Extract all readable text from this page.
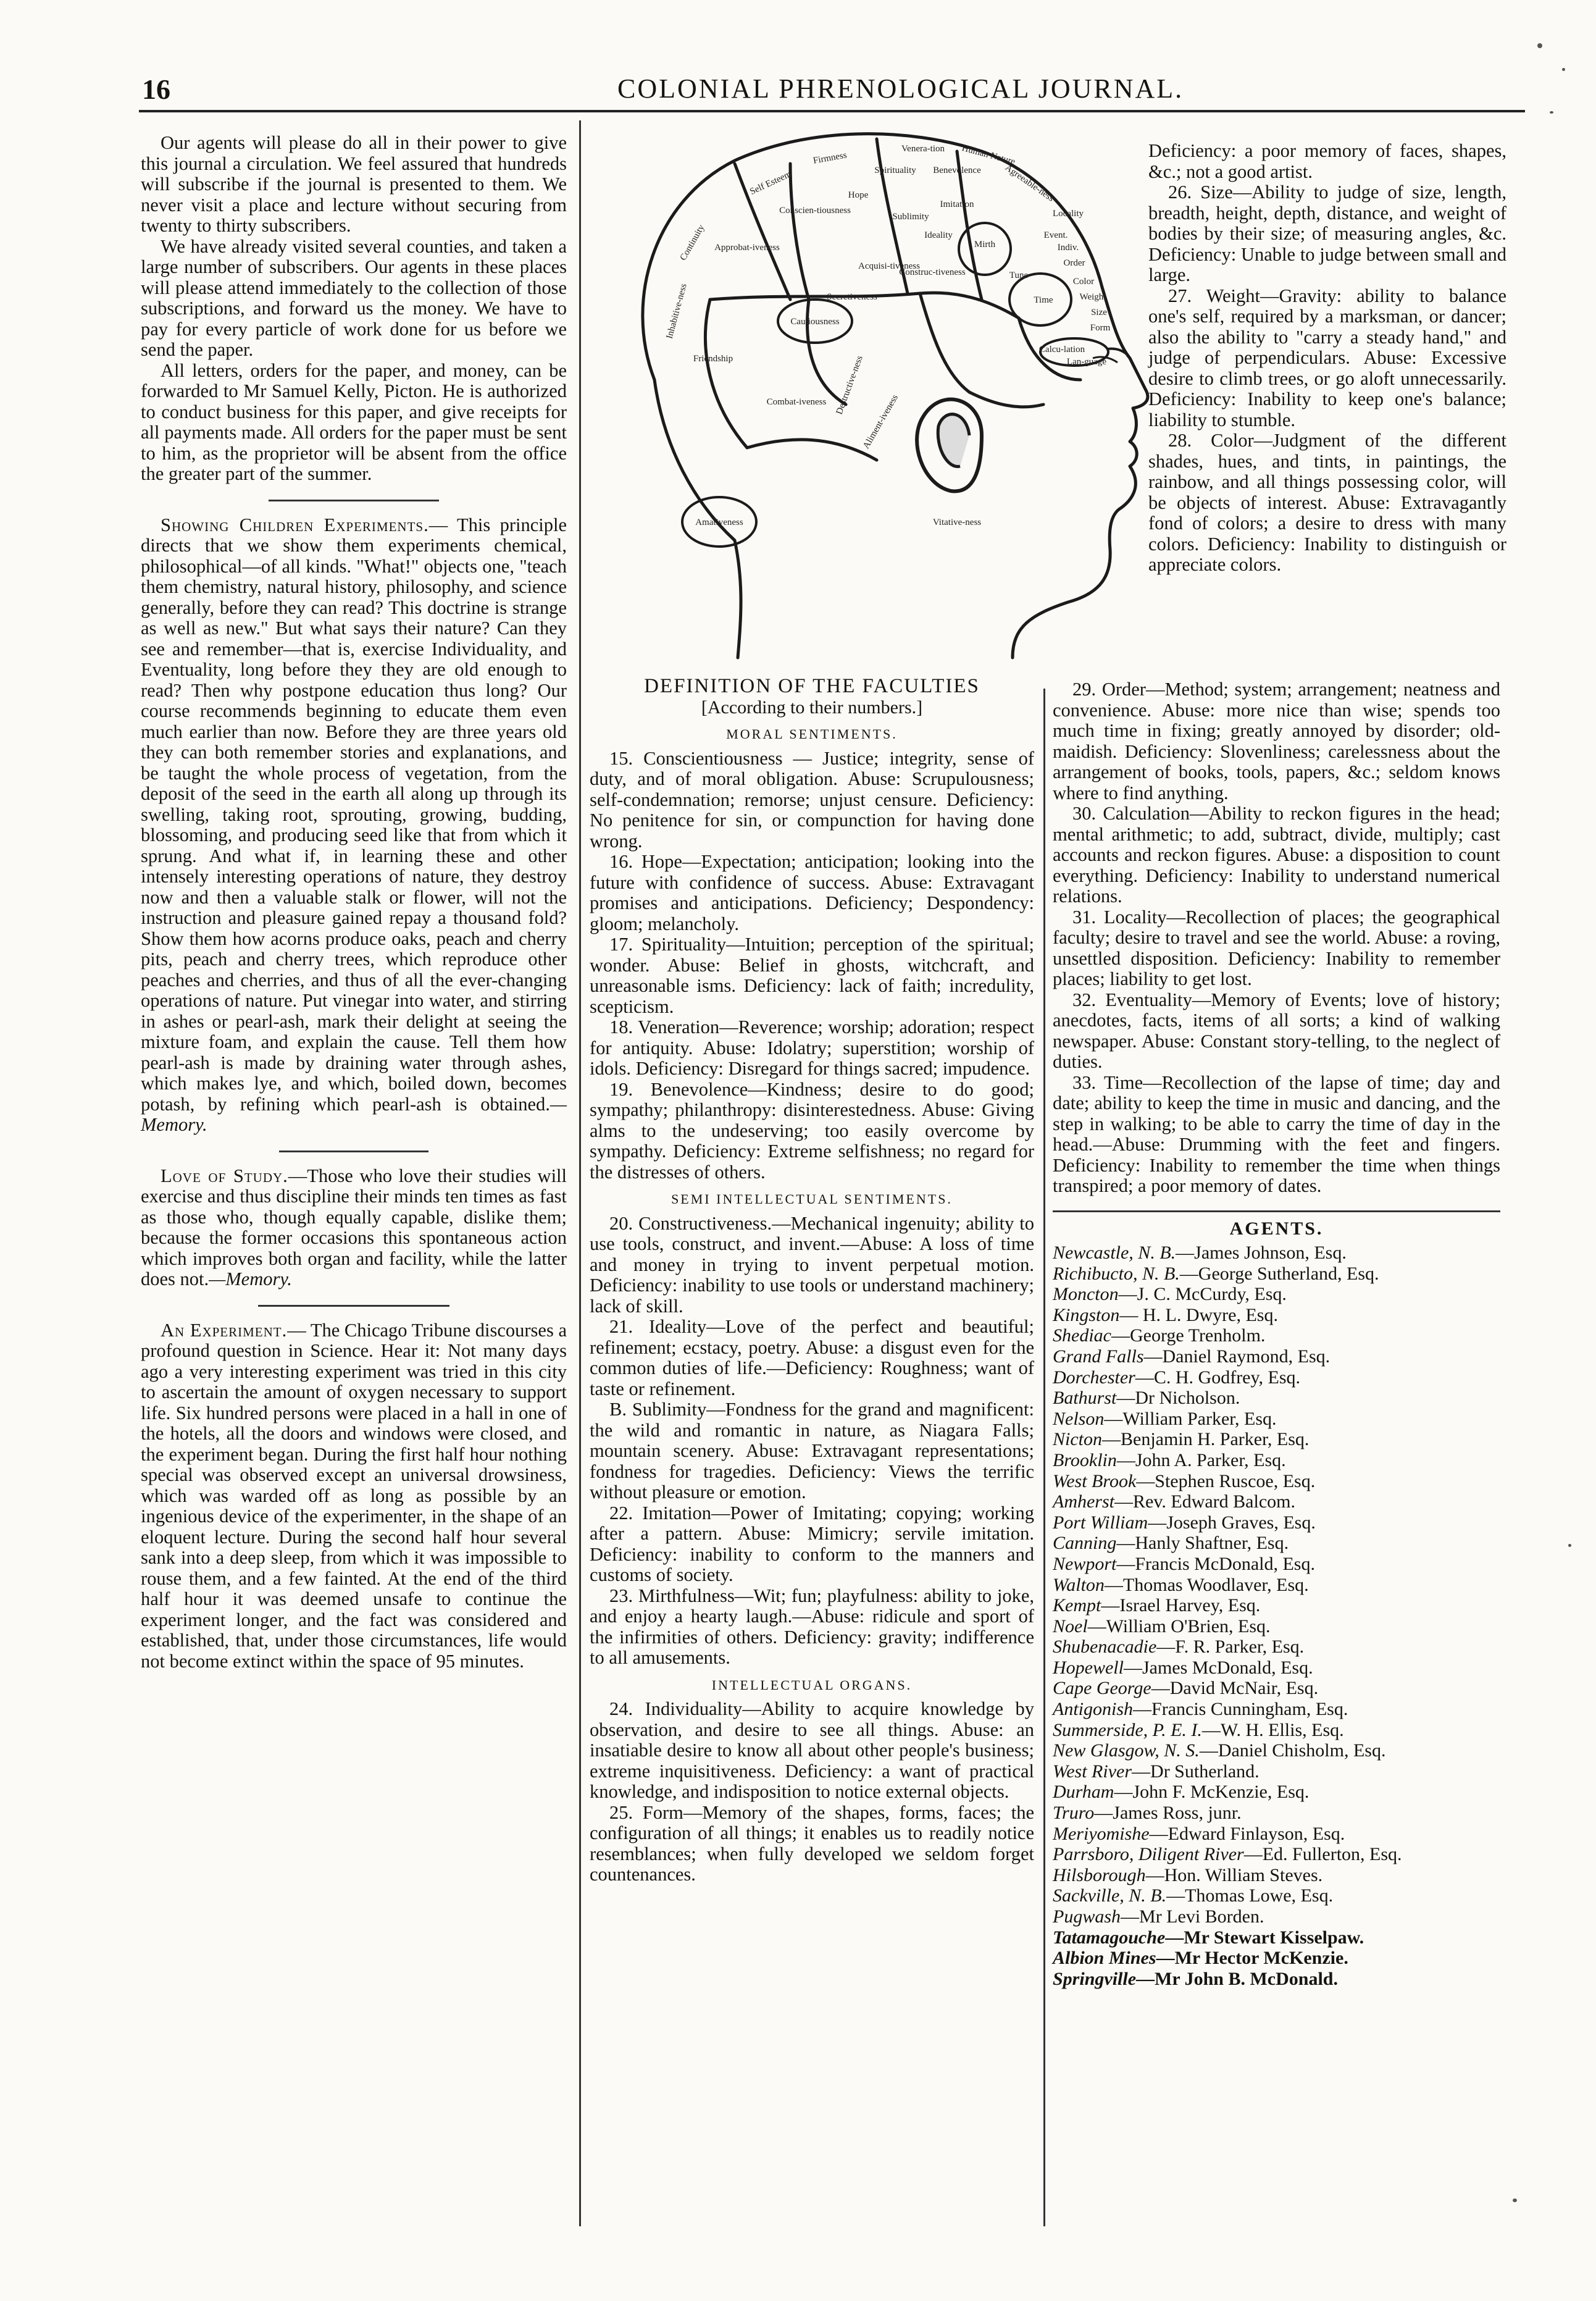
16	COLONIAL PHRENOLOGICAL JOURNAL.

Our agents will please do all in their power to give this journal a circulation. We feel assured that hundreds will subscribe if the journal is presented to them. We never visit a place and lecture without securing from twenty to thirty subscribers.

We have already visited several counties, and taken a large number of subscribers. Our agents in these places will please attend immediately to the collection of those subscriptions, and forward us the money. We have to pay for every particle of work done for us before we send the paper.

All letters, orders for the paper, and money, can be forwarded to Mr Samuel Kelly, Picton. He is authorized to conduct business for this paper, and give receipts for all payments made. All orders for the paper must be sent to him, as the proprietor will be absent from the office the greater part of the summer.

Showing Children Experiments.— This principle directs that we show them experiments chemical, philosophical—of all kinds. "What!" objects one, "teach them chemistry, natural history, philosophy, and science generally, before they can read? This doctrine is strange as well as new." But what says their nature? Can they see and remember—that is, exercise Individuality, and Eventuality, long before they they are old enough to read? Then why postpone education thus long? Our course recommends beginning to educate them even much earlier than now. Before they are three years old they can both remember stories and explanations, and be taught the whole process of vegetation, from the deposit of the seed in the earth all along up through its swelling, taking root, sprouting, growing, budding, blossoming, and producing seed like that from which it sprung. And what if, in learning these and other intensely interesting operations of nature, they destroy now and then a valuable stalk or flower, will not the instruction and pleasure gained repay a thousand fold? Show them how acorns produce oaks, peach and cherry pits, peach and cherry trees, which reproduce other peaches and cherries, and thus of all the ever-changing operations of nature. Put vinegar into water, and stirring in ashes or pearl-ash, mark their delight at seeing the mixture foam, and explain the cause. Tell them how pearl-ash is made by draining water through ashes, which makes lye, and which, boiled down, becomes potash, by refining which pearl-ash is obtained.—Memory.

Love of Study.—Those who love their studies will exercise and thus discipline their minds ten times as fast as those who, though equally capable, dislike them; because the former occasions this spontaneous action which improves both organ and facility, while the latter does not.—Memory.

An Experiment.— The Chicago Tribune discourses a profound question in Science. Hear it: Not many days ago a very interesting experiment was tried in this city to ascertain the amount of oxygen necessary to support life. Six hundred persons were placed in a hall in one of the hotels, all the doors and windows were closed, and the experiment began. During the first half hour nothing special was observed except an universal drowsiness, which was warded off as long as possible by an ingenious device of the experimenter, in the shape of an eloquent lecture. During the second half hour several sank into a deep sleep, from which it was impossible to rouse them, and a few fainted. At the end of the third half hour it was deemed unsafe to continue the experiment longer, and the fact was considered and established, that, under those circumstances, life would not become extinct within the space of 95 minutes.

Self Esteem
Firmness
Conscien-tiousness
Hope
Spirituality
Venera-tion
Benevolence
Human Nature
Agreeable-ness
Mirth
Ideality
Sublimity
Imitation
Construc-tiveness
Acquisi-tiveness
Secretiveness
Cautiousness
Approbat-iveness
Continuity
Inhabitive-ness
Friendship
Combat-iveness Destructive-ness
Aliment-iveness
Vitative-ness
Amativeness
Time
Tune
Calcu-lation
Order
Color
Weight
Size
Form
Indiv.
Lan-guage
Event.
Locality

Deficiency: a poor memory of faces, shapes, &c.; not a good artist.

26. Size—Ability to judge of size, length, breadth, height, depth, distance, and weight of bodies by their size; of measuring angles, &c. Deficiency: Unable to judge between small and large.

27. Weight—Gravity: ability to balance one's self, required by a marksman, or dancer; also the ability to "carry a steady hand," and judge of perpendiculars. Abuse: Excessive desire to climb trees, or go aloft unnecessarily. Deficiency: Inability to keep one's balance; liability to stumble.

28. Color—Judgment of the different shades, hues, and tints, in paintings, the rainbow, and all things possessing color, will be objects of interest. Abuse: Extravagantly fond of colors; a desire to dress with many colors. Deficiency: Inability to distinguish or appreciate colors.

DEFINITION OF THE FACULTIES
[According to their numbers.]
MORAL SENTIMENTS.

15. Conscientiousness — Justice; integrity, sense of duty, and of moral obligation. Abuse: Scrupulousness; self-condemnation; remorse; unjust censure. Deficiency: No penitence for sin, or compunction for having done wrong.

16. Hope—Expectation; anticipation; looking into the future with confidence of success. Abuse: Extravagant promises and anticipations. Deficiency; Despondency: gloom; melancholy.

17. Spirituality—Intuition; perception of the spiritual; wonder. Abuse: Belief in ghosts, witchcraft, and unreasonable isms. Deficiency: lack of faith; incredulity, scepticism.

18. Veneration—Reverence; worship; adoration; respect for antiquity. Abuse: Idolatry; superstition; worship of idols. Deficiency: Disregard for things sacred; impudence.

19. Benevolence—Kindness; desire to do good; sympathy; philanthropy: disinterestedness. Abuse: Giving alms to the undeserving; too easily overcome by sympathy. Deficiency: Extreme selfishness; no regard for the distresses of others.

SEMI INTELLECTUAL SENTIMENTS.

20. Constructiveness.—Mechanical ingenuity; ability to use tools, construct, and invent.—Abuse: A loss of time and money in trying to invent perpetual motion. Deficiency: inability to use tools or understand machinery; lack of skill.

21. Ideality—Love of the perfect and beautiful; refinement; ecstacy, poetry. Abuse: a disgust even for the common duties of life.—Deficiency: Roughness; want of taste or refinement.

B. Sublimity—Fondness for the grand and magnificent: the wild and romantic in nature, as Niagara Falls; mountain scenery. Abuse: Extravagant representations; fondness for tragedies. Deficiency: Views the terrific without pleasure or emotion.

22. Imitation—Power of Imitating; copying; working after a pattern. Abuse: Mimicry; servile imitation. Deficiency: inability to conform to the manners and customs of society.

23. Mirthfulness—Wit; fun; playfulness: ability to joke, and enjoy a hearty laugh.—Abuse: ridicule and sport of the infirmities of others. Deficiency: gravity; indifference to all amusements.

INTELLECTUAL ORGANS.

24. Individuality—Ability to acquire knowledge by observation, and desire to see all things. Abuse: an insatiable desire to know all about other people's business; extreme inquisitiveness. Deficiency: a want of practical knowledge, and indisposition to notice external objects.

25. Form—Memory of the shapes, forms, faces; the configuration of all things; it enables us to readily notice resemblances; when fully developed we seldom forget countenances.

29. Order—Method; system; arrangement; neatness and convenience. Abuse: more nice than wise; spends too much time in fixing; greatly annoyed by disorder; old-maidish. Deficiency: Slovenliness; carelessness about the arrangement of books, tools, papers, &c.; seldom knows where to find anything.

30. Calculation—Ability to reckon figures in the head; mental arithmetic; to add, subtract, divide, multiply; cast accounts and reckon figures. Abuse: a disposition to count everything. Deficiency: Inability to understand numerical relations.

31. Locality—Recollection of places; the geographical faculty; desire to travel and see the world. Abuse: a roving, unsettled disposition. Deficiency: Inability to remember places; liability to get lost.

32. Eventuality—Memory of Events; love of history; anecdotes, facts, items of all sorts; a kind of walking newspaper. Abuse: Constant story-telling, to the neglect of duties.

33. Time—Recollection of the lapse of time; day and date; ability to keep the time in music and dancing, and the step in walking; to be able to carry the time of day in the head.—Abuse: Drumming with the feet and fingers. Deficiency: Inability to remember the time when things transpired; a poor memory of dates.

AGENTS.
Newcastle, N. B.—James Johnson, Esq.
Richibucto, N. B.—George Sutherland, Esq.
Moncton—J. C. McCurdy, Esq.
Kingston— H. L. Dwyre, Esq.
Shediac—George Trenholm.
Grand Falls—Daniel Raymond, Esq.
Dorchester—C. H. Godfrey, Esq.
Bathurst—Dr Nicholson.
Nelson—William Parker, Esq.
Nicton—Benjamin H. Parker, Esq.
Brooklin—John A. Parker, Esq.
West Brook—Stephen Ruscoe, Esq.
Amherst—Rev. Edward Balcom.
Port William—Joseph Graves, Esq.
Canning—Hanly Shaftner, Esq.
Newport—Francis McDonald, Esq.
Walton—Thomas Woodlaver, Esq.
Kempt—Israel Harvey, Esq.
Noel—William O'Brien, Esq.
Shubenacadie—F. R. Parker, Esq.
Hopewell—James McDonald, Esq.
Cape George—David McNair, Esq.
Antigonish—Francis Cunningham, Esq.
Summerside, P. E. I.—W. H. Ellis, Esq.
New Glasgow, N. S.—Daniel Chisholm, Esq.
West River—Dr Sutherland.
Durham—John F. McKenzie, Esq.
Truro—James Ross, junr.
Meriyomishe—Edward Finlayson, Esq.
Parrsboro, Diligent River—Ed. Fullerton, Esq.
Hilsborough—Hon. William Steves.
Sackville, N. B.—Thomas Lowe, Esq.
Pugwash—Mr Levi Borden.
Tatamagouche—Mr Stewart Kisselpaw.
Albion Mines—Mr Hector McKenzie.
Springville—Mr John B. McDonald.
